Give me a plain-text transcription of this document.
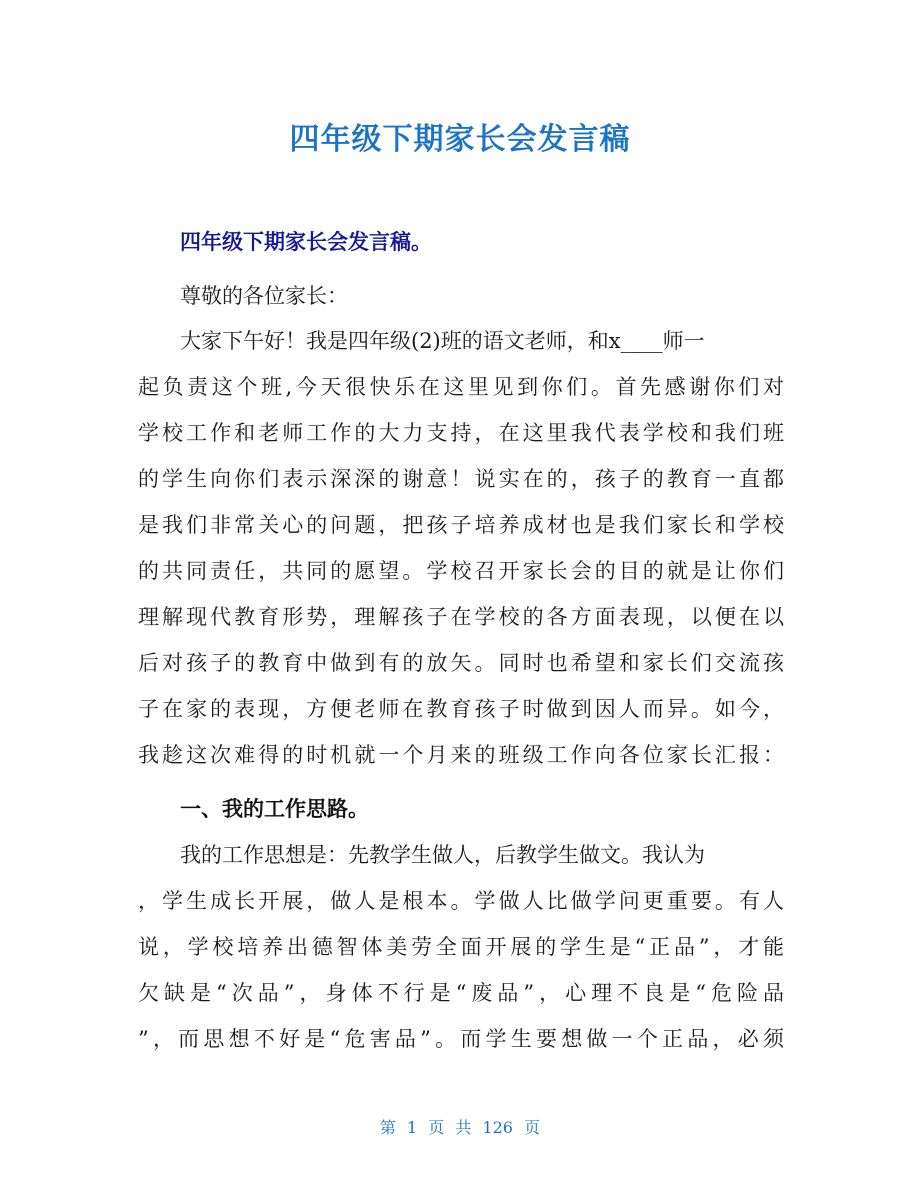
四年级下期家长会发言稿
四年级下期家长会发言稿。
尊敬的各位家长：
大家下午好！我是四年级(2)班的语文老师，和x____师一
起负责这个班,今天很快乐在这里见到你们。首先感谢你们对
学校工作和老师工作的大力支持，在这里我代表学校和我们班
的学生向你们表示深深的谢意！说实在的，孩子的教育一直都
是我们非常关心的问题，把孩子培养成材也是我们家长和学校
的共同责任，共同的愿望。学校召开家长会的目的就是让你们
理解现代教育形势，理解孩子在学校的各方面表现，以便在以
后对孩子的教育中做到有的放矢。同时也希望和家长们交流孩
子在家的表现，方便老师在教育孩子时做到因人而异。如今，
我趁这次难得的时机就一个月来的班级工作向各位家长汇报：
一、我的工作思路。
我的工作思想是：先教学生做人，后教学生做文。我认为
，学生成长开展，做人是根本。学做人比做学问更重要。有人
说，学校培养出德智体美劳全面开展的学生是“正品”，才能
欠缺是“次品”，身体不行是“废品”，心理不良是“危险品
”，而思想不好是“危害品”。而学生要想做一个正品，必须
第 1 页 共 126 页
